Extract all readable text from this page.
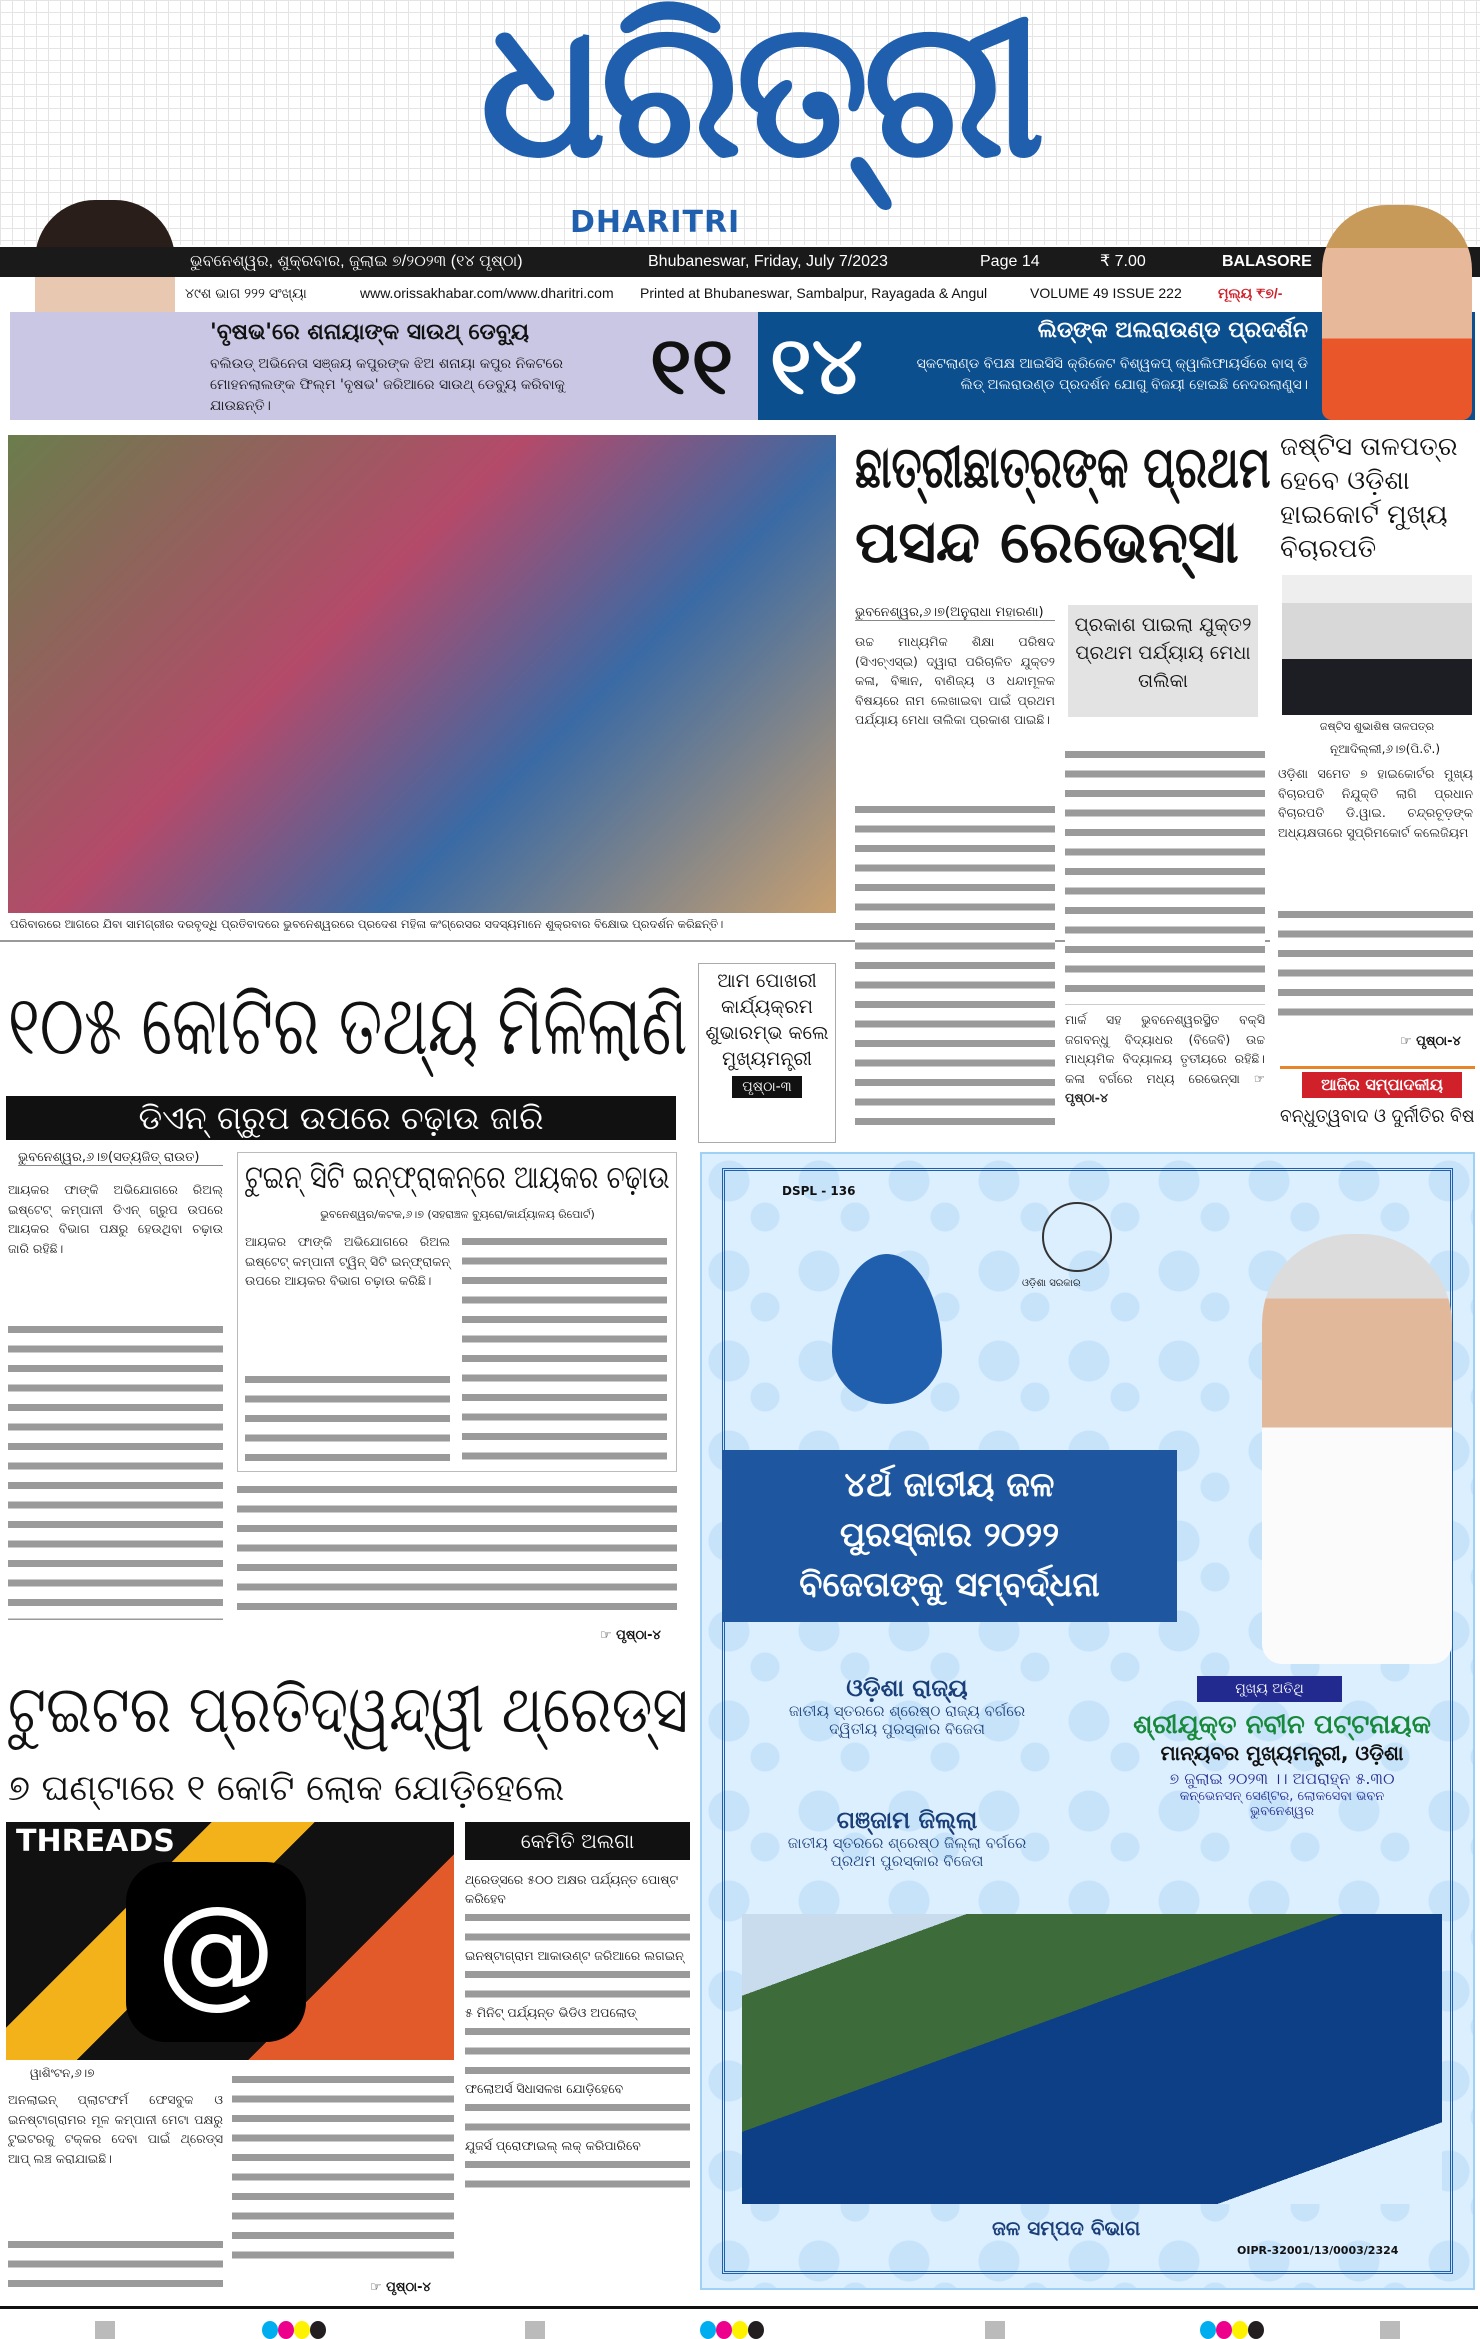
ଧରିତ୍ରୀ
DHARITRI
ଭୁବନେଶ୍ୱର, ଶୁକ୍ରବାର, ଜୁଲାଇ ୭/୨୦୨୩ (୧୪ ପୃଷ୍ଠା)	Bhubaneswar, Friday, July 7/2023	Page 14	₹ 7.00	BALASORE
୪୯ଶ ଭାଗ ୨୨୨ ସଂଖ୍ୟା	www.orissakhabar.com/www.dharitri.com	Printed at Bhubaneswar, Sambalpur, Rayagada & Angul	VOLUME 49 ISSUE 222	ମୂଲ୍ୟ ₹୭/-
'ବୃଷଭ'ରେ ଶନାୟାଙ୍କ ସାଉଥ୍ ଡେବ୍ୟୁ
ବଲିଉଡ୍ ଅଭିନେତା ସଞ୍ଜୟ କପୁରଙ୍କ ଝିଅ ଶନାୟା କପୁର ନିକଟରେ ମୋହନଲାଲଙ୍କ ଫିଲ୍ମ 'ବୃଷଭ' ଜରିଆରେ ସାଉଥ୍ ଡେବ୍ୟୁ କରିବାକୁ ଯାଉଛନ୍ତି।	୧୧ ୧୪	ଲିଡ୍‌ଙ୍କ ଅଲରାଉଣ୍ଡ ପ୍ରଦର୍ଶନ
ସ୍କଟଲାଣ୍ଡ ବିପକ୍ଷ ଆଇସିସି କ୍ରିକେଟ ବିଶ୍ୱକପ୍ କ୍ୱାଲିଫାୟର୍ସରେ ବାସ୍ ଡି ଲିଡ୍ ଅଲରାଉଣ୍ଡ ପ୍ରଦର୍ଶନ ଯୋଗୁ ବିଜୟୀ ହୋଇଛି ନେଦରଲାଣ୍ଡ୍ସ।
ପରିବାରରେ ଆଗରେ ଯିବା ସାମଗ୍ରୀର ଦରବୃଦ୍ଧି ପ୍ରତିବାଦରେ ଭୁବନେଶ୍ୱରରେ ପ୍ରଦେଶ ମହିଳା କଂଗ୍ରେସର ସଦସ୍ୟମାନେ ଶୁକ୍ରବାର ବିକ୍ଷୋଭ ପ୍ରଦର୍ଶନ କରିଛନ୍ତି।
ଛାତ୍ରୀଛାତ୍ରଙ୍କ ପ୍ରଥମ
ପସନ୍ଦ ରେଭେନ୍ସା
ଭୁବନେଶ୍ୱର,୬।୭(ଅନୁରାଧା ମହାରଣା)
ପ୍ରକାଶ ପାଇଲା ଯୁକ୍ତ୨ ପ୍ରଥମ ପର୍ଯ୍ୟାୟ ମେଧା ତାଲିକା
ଉଚ୍ଚ ମାଧ୍ୟମିକ ଶିକ୍ଷା ପରିଷଦ (ସିଏଚ୍‌ଏସ୍‌ଇ) ଦ୍ୱାରା ପରିଚାଳିତ ଯୁକ୍ତ୨ କଳା, ବିଜ୍ଞାନ, ବାଣିଜ୍ୟ ଓ ଧନ୍ଦାମୂଳକ ବିଷୟରେ ନାମ ଲେଖାଇବା ପାଇଁ ପ୍ରଥମ ପର୍ଯ୍ୟାୟ ମେଧା ତାଲିକା ପ୍ରକାଶ ପାଇଛି।
ମାର୍କ ସହ ଭୁବନେଶ୍ୱରସ୍ଥିତ ବକ୍ସି ଜଗବନ୍ଧୁ ବିଦ୍ୟାଧର (ବିଜେବି) ଉଚ୍ଚ ମାଧ୍ୟମିକ ବିଦ୍ୟାଳୟ ତୃତୀୟରେ ରହିଛି। କଳା ବର୍ଗରେ ମଧ୍ୟ ରେଭେନ୍ସା ☞ ପୃଷ୍ଠା-୪
ଜଷ୍ଟିସ ତାଳପତ୍ର ହେବେ ଓଡ଼ିଶା ହାଇକୋର୍ଟ ମୁଖ୍ୟ ବିଚାରପତି
ଜଷ୍ଟିସ ଶୁଭାଶିଷ ତାଳପତ୍ର
ନୂଆଦିଲ୍ଲୀ,୬।୭(ପି.ଟି.)
ଓଡ଼ିଶା ସମେତ ୭ ହାଇକୋର୍ଟର ମୁଖ୍ୟ ବିଚାରପତି ନିଯୁକ୍ତି ଲାଗି ପ୍ରଧାନ ବିଚାରପତି ଡି.ୱାଇ. ଚନ୍ଦ୍ରଚୂଡ଼ଙ୍କ ଅଧ୍ୟକ୍ଷତାରେ ସୁପ୍ରିମକୋର୍ଟ କଲେଜିୟମ
☞ ପୃଷ୍ଠା-୪
ଆଜିର ସମ୍ପାଦକୀୟ
ବନ୍ଧୁତ୍ୱବାଦ ଓ ଦୁର୍ନୀତିର ବିଷ
୧୦୫ କୋଟିର ତଥ୍ୟ ମିଳିଲାଣି
ଡିଏନ୍ ଗ୍ରୁପ ଉପରେ ଚଢ଼ାଉ ଜାରି
ଆମ ପୋଖରୀ କାର୍ଯ୍ୟକ୍ରମ ଶୁଭାରମ୍ଭ କଲେ ମୁଖ୍ୟମନ୍ତ୍ରୀ
ପୃଷ୍ଠା-୩
ଭୁବନେଶ୍ୱର,୬।୭(ସତ୍ୟଜିତ୍ ରାଉତ)
ଆୟକର ଫାଙ୍କି ଅଭିଯୋଗରେ ରିଅଲ୍ ଇଷ୍ଟେଟ୍ କମ୍ପାନୀ ଡିଏନ୍ ଗ୍ରୁପ ଉପରେ ଆୟକର ବିଭାଗ ପକ୍ଷରୁ ହେଉଥିବା ଚଢ଼ାଉ ଜାରି ରହିଛି।
ଟୁଇନ୍ ସିଟି ଇନ୍‌ଫ୍ରାକନ୍‌ରେ ଆୟକର ଚଢ଼ାଉ
ଭୁବନେଶ୍ୱର/କଟକ,୬।୭ (ସହରାଞ୍ଚଳ ବ୍ୟୁରୋ/କାର୍ଯ୍ୟାଳୟ ରିପୋର୍ଟ)
ଆୟକର ଫାଙ୍କି ଅଭିଯୋଗରେ ରିଅଲ ଇଷ୍ଟେଟ୍ କମ୍ପାନୀ ଟ୍ୱିନ୍ ସିଟି ଇନ୍‌ଫ୍ରାକନ୍ ଉପରେ ଆୟକର ବିଭାଗ ଚଢ଼ାଉ କରିଛି।
☞ ପୃଷ୍ଠା-୪
ଟୁଇଟର ପ୍ରତିଦ୍ୱନ୍ଦ୍ୱୀ ଥ୍ରେଡ୍ସ
୭ ଘଣ୍ଟାରେ ୧ କୋଟି ଲୋକ ଯୋଡ଼ିହେଲେ
@
THREADS	କେମିତି ଅଲଗା
ଥ୍ରେଡ୍ସରେ ୫୦୦ ଅକ୍ଷର ପର୍ଯ୍ୟନ୍ତ ପୋଷ୍ଟ କରିହେବ
ଇନଷ୍ଟାଗ୍ରାମ ଆକାଉଣ୍ଟ ଜରିଆରେ ଲଗଇନ୍
୫ ମିନିଟ୍ ପର୍ଯ୍ୟନ୍ତ ଭିଡିଓ ଅପଲୋଡ୍
ଫଲୋଅର୍ସ ସିଧାସଳଖ ଯୋଡ଼ିହେବେ
ଯୁଜର୍ସ ପ୍ରୋଫାଇଲ୍ ଲକ୍ କରିପାରିବେ
ୱାଶିଂଟନ,୬।୭
ଅନଲାଇନ୍ ପ୍ଲାଟଫର୍ମ ଫେସବୁକ ଓ ଇନଷ୍ଟାଗ୍ରାମର ମୂଳ କମ୍ପାନୀ ମେଟା ପକ୍ଷରୁ ଟୁଇଟରକୁ ଟକ୍କର ଦେବା ପାଇଁ ଥ୍ରେଡ୍ସ ଆପ୍ ଲଞ୍ଚ କରାଯାଇଛି।
☞ ପୃଷ୍ଠା-୪
DSPL - 136
ଓଡ଼ିଶା ସରକାର
୪ର୍ଥ ଜାତୀୟ ଜଳ
ପୁରସ୍କାର ୨୦୨୨
ବିଜେତାଙ୍କୁ ସମ୍ବର୍ଦ୍ଧନା
ଓଡ଼ିଶା ରାଜ୍ୟ
ଜାତୀୟ ସ୍ତରରେ ଶ୍ରେଷ୍ଠ ରାଜ୍ୟ ବର୍ଗରେ
ଦ୍ୱିତୀୟ ପୁରସ୍କାର ବିଜେତା
ଗଞ୍ଜାମ ଜିଲ୍ଲା
ଜାତୀୟ ସ୍ତରରେ ଶ୍ରେଷ୍ଠ ଜିଲ୍ଲା ବର୍ଗରେ
ପ୍ରଥମ ପୁରସ୍କାର ବିଜେତା
ମୁଖ୍ୟ ଅତିଥି
ଶ୍ରୀଯୁକ୍ତ ନବୀନ ପଟ୍ଟନାୟକ
ମାନ୍ୟବର ମୁଖ୍ୟମନ୍ତ୍ରୀ, ଓଡ଼ିଶା
୭ ଜୁଲାଇ ୨୦୨୩ ।। ଅପରାହ୍ନ ୫.୩୦
କନ୍‌ଭେନସନ୍ ସେଣ୍ଟର, ଲୋକସେବା ଭବନ
ଭୁବନେଶ୍ୱର
ଜଳ ସମ୍ପଦ ବିଭାଗ
OIPR-32001/13/0003/2324
